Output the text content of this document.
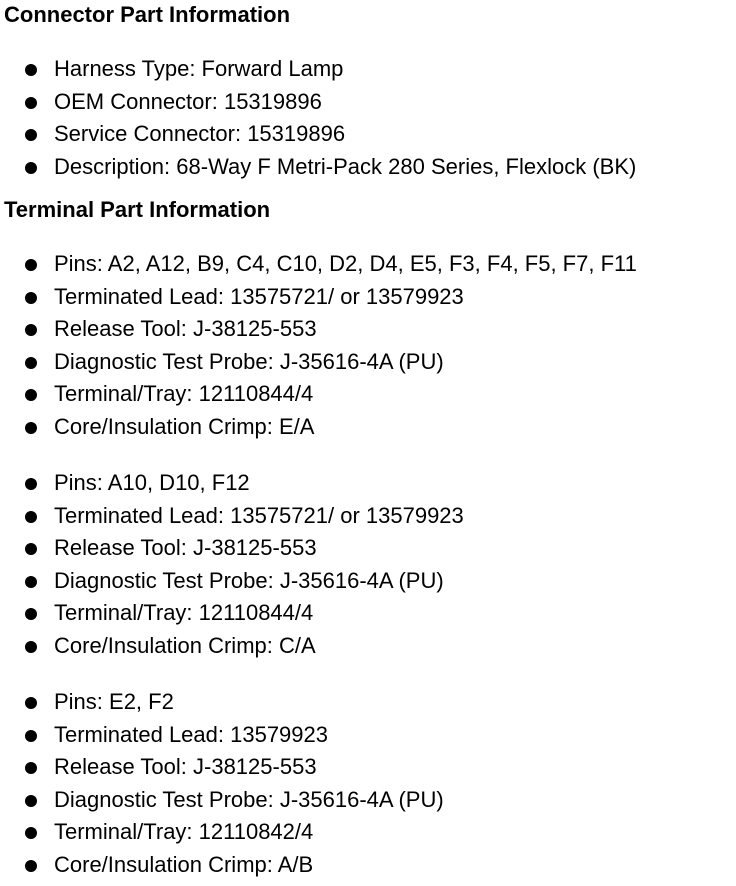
Connector Part Information
Harness Type: Forward Lamp
OEM Connector: 15319896
Service Connector: 15319896
Description: 68-Way F Metri-Pack 280 Series, Flexlock (BK)
Terminal Part Information
Pins: A2, A12, B9, C4, C10, D2, D4, E5, F3, F4, F5, F7, F11
Terminated Lead: 13575721/ or 13579923
Release Tool: J-38125-553
Diagnostic Test Probe: J-35616-4A (PU)
Terminal/Tray: 12110844/4
Core/Insulation Crimp: E/A
Pins: A10, D10, F12
Terminated Lead: 13575721/ or 13579923
Release Tool: J-38125-553
Diagnostic Test Probe: J-35616-4A (PU)
Terminal/Tray: 12110844/4
Core/Insulation Crimp: C/A
Pins: E2, F2
Terminated Lead: 13579923
Release Tool: J-38125-553
Diagnostic Test Probe: J-35616-4A (PU)
Terminal/Tray: 12110842/4
Core/Insulation Crimp: A/B
